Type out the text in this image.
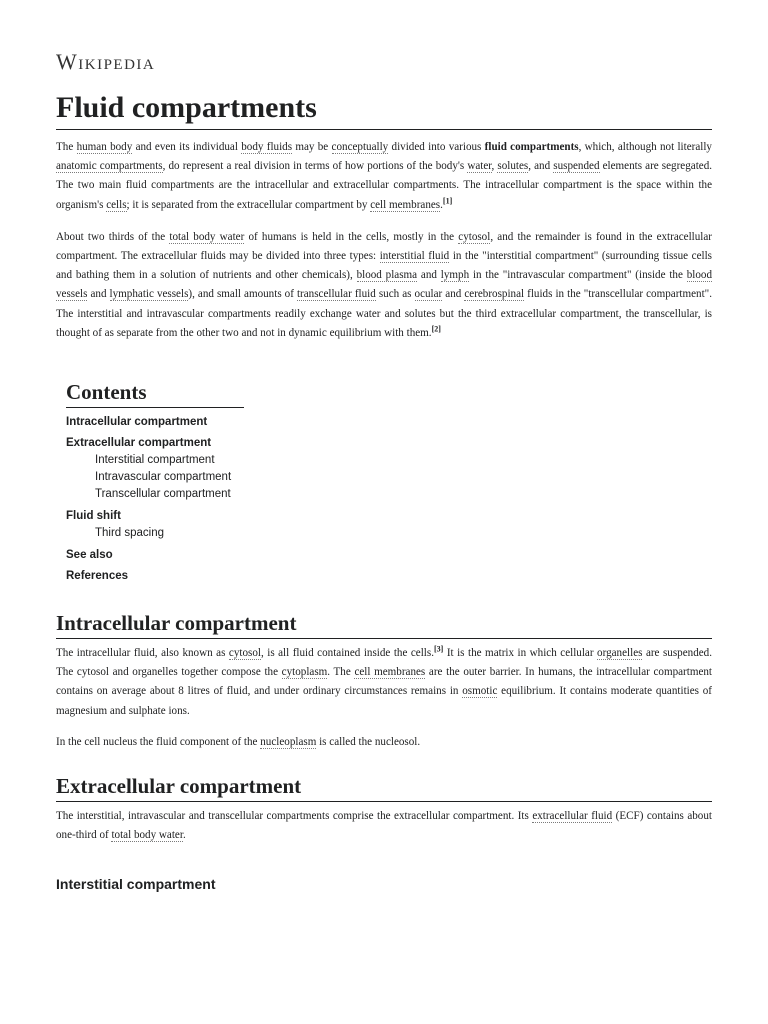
Wikipedia
Fluid compartments

The human body and even its individual body fluids may be conceptually divided into various fluid compartments, which, although not literally anatomic compartments, do represent a real division in terms of how portions of the body's water, solutes, and suspended elements are segregated. The two main fluid compartments are the intracellular and extracellular compartments. The intracellular compartment is the space within the organism's cells; it is separated from the extracellular compartment by cell membranes.[1]

About two thirds of the total body water of humans is held in the cells, mostly in the cytosol, and the remainder is found in the extracellular compartment. The extracellular fluids may be divided into three types: interstitial fluid in the "interstitial compartment" (surrounding tissue cells and bathing them in a solution of nutrients and other chemicals), blood plasma and lymph in the "intravascular compartment" (inside the blood vessels and lymphatic vessels), and small amounts of transcellular fluid such as ocular and cerebrospinal fluids in the "transcellular compartment". The interstitial and intravascular compartments readily exchange water and solutes but the third extracellular compartment, the transcellular, is thought of as separate from the other two and not in dynamic equilibrium with them.[2]

Contents
Intracellular compartment
Extracellular compartment
Interstitial compartment
Intravascular compartment
Transcellular compartment
Fluid shift
Third spacing
See also
References
Intracellular compartment

The intracellular fluid, also known as cytosol, is all fluid contained inside the cells.[3] It is the matrix in which cellular organelles are suspended. The cytosol and organelles together compose the cytoplasm. The cell membranes are the outer barrier. In humans, the intracellular compartment contains on average about 8 litres of fluid, and under ordinary circumstances remains in osmotic equilibrium. It contains moderate quantities of magnesium and sulphate ions.

In the cell nucleus the fluid component of the nucleoplasm is called the nucleosol.

Extracellular compartment

The interstitial, intravascular and transcellular compartments comprise the extracellular compartment. Its extracellular fluid (ECF) contains about one-third of total body water.

Interstitial compartment
